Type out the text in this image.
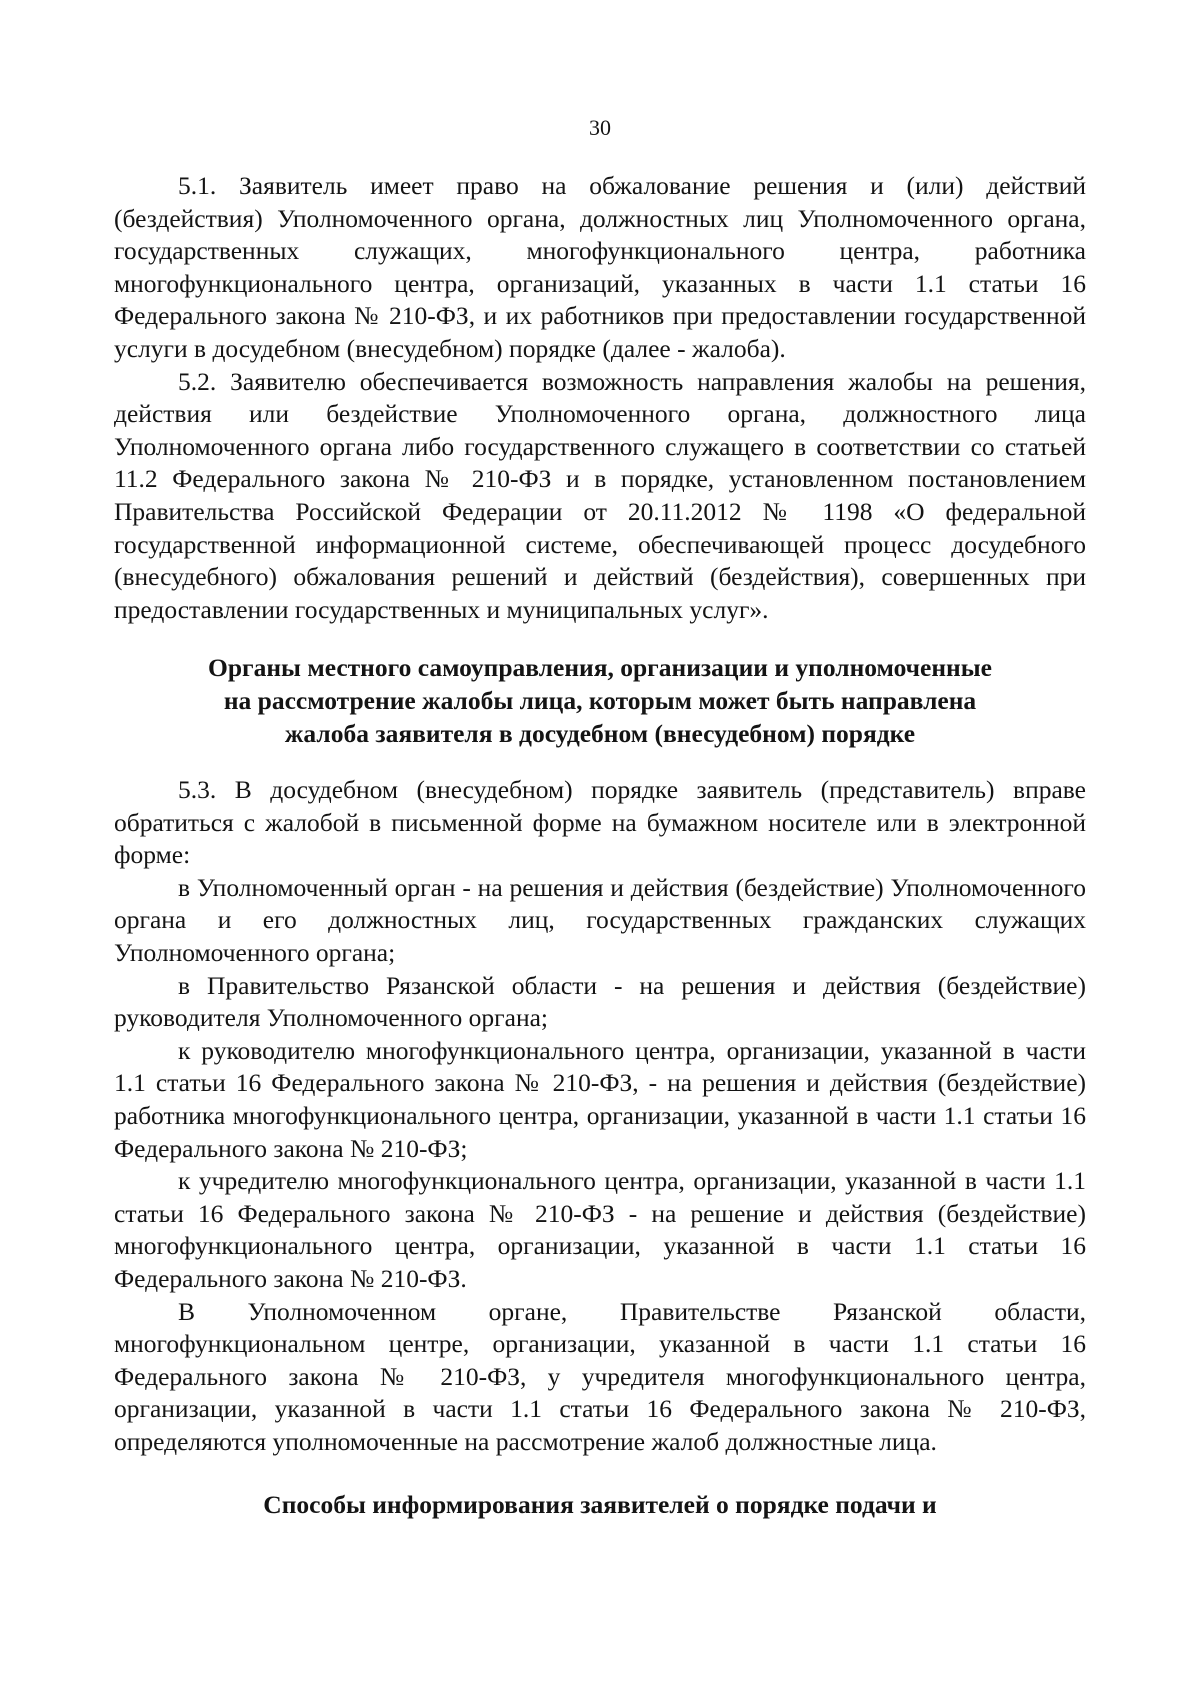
30

5.1. Заявитель имеет право на обжалование решения и (или) действий (бездействия) Уполномоченного органа, должностных лиц Уполномоченного органа, государственных служащих, многофункционального центра, работника многофункционального центра, организаций, указанных в части 1.1 статьи 16 Федерального закона № 210-ФЗ, и их работников при предоставлении государственной услуги в досудебном (внесудебном) порядке (далее - жалоба).

5.2. Заявителю обеспечивается возможность направления жалобы на решения, действия или бездействие Уполномоченного органа, должностного лица Уполномоченного органа либо государственного служащего в соответствии со статьей 11.2 Федерального закона № 210-ФЗ и в порядке, установленном постановлением Правительства Российской Федерации от 20.11.2012 № 1198 «О федеральной государственной информационной системе, обеспечивающей процесс досудебного (внесудебного) обжалования решений и действий (бездействия), совершенных при предоставлении государственных и муниципальных услуг».

Органы местного самоуправления, организации и уполномоченные
на рассмотрение жалобы лица, которым может быть направлена
жалоба заявителя в досудебном (внесудебном) порядке

5.3. В досудебном (внесудебном) порядке заявитель (представитель) вправе обратиться с жалобой в письменной форме на бумажном носителе или в электронной форме:

в Уполномоченный орган - на решения и действия (бездействие) Уполномоченного органа и его должностных лиц, государственных гражданских служащих Уполномоченного органа;

в Правительство Рязанской области - на решения и действия (бездействие) руководителя Уполномоченного органа;

к руководителю многофункционального центра, организации, указанной в части 1.1 статьи 16 Федерального закона № 210-ФЗ, - на решения и действия (бездействие) работника многофункционального центра, организации, указанной в части 1.1 статьи 16 Федерального закона № 210-ФЗ;

к учредителю многофункционального центра, организации, указанной в части 1.1 статьи 16 Федерального закона № 210-ФЗ - на решение и действия (бездействие) многофункционального центра, организации, указанной в части 1.1 статьи 16 Федерального закона № 210-ФЗ.

В Уполномоченном органе, Правительстве Рязанской области, многофункциональном центре, организации, указанной в части 1.1 статьи 16 Федерального закона № 210-ФЗ, у учредителя многофункционального центра, организации, указанной в части 1.1 статьи 16 Федерального закона № 210-ФЗ, определяются уполномоченные на рассмотрение жалоб должностные лица.

Способы информирования заявителей о порядке подачи и
